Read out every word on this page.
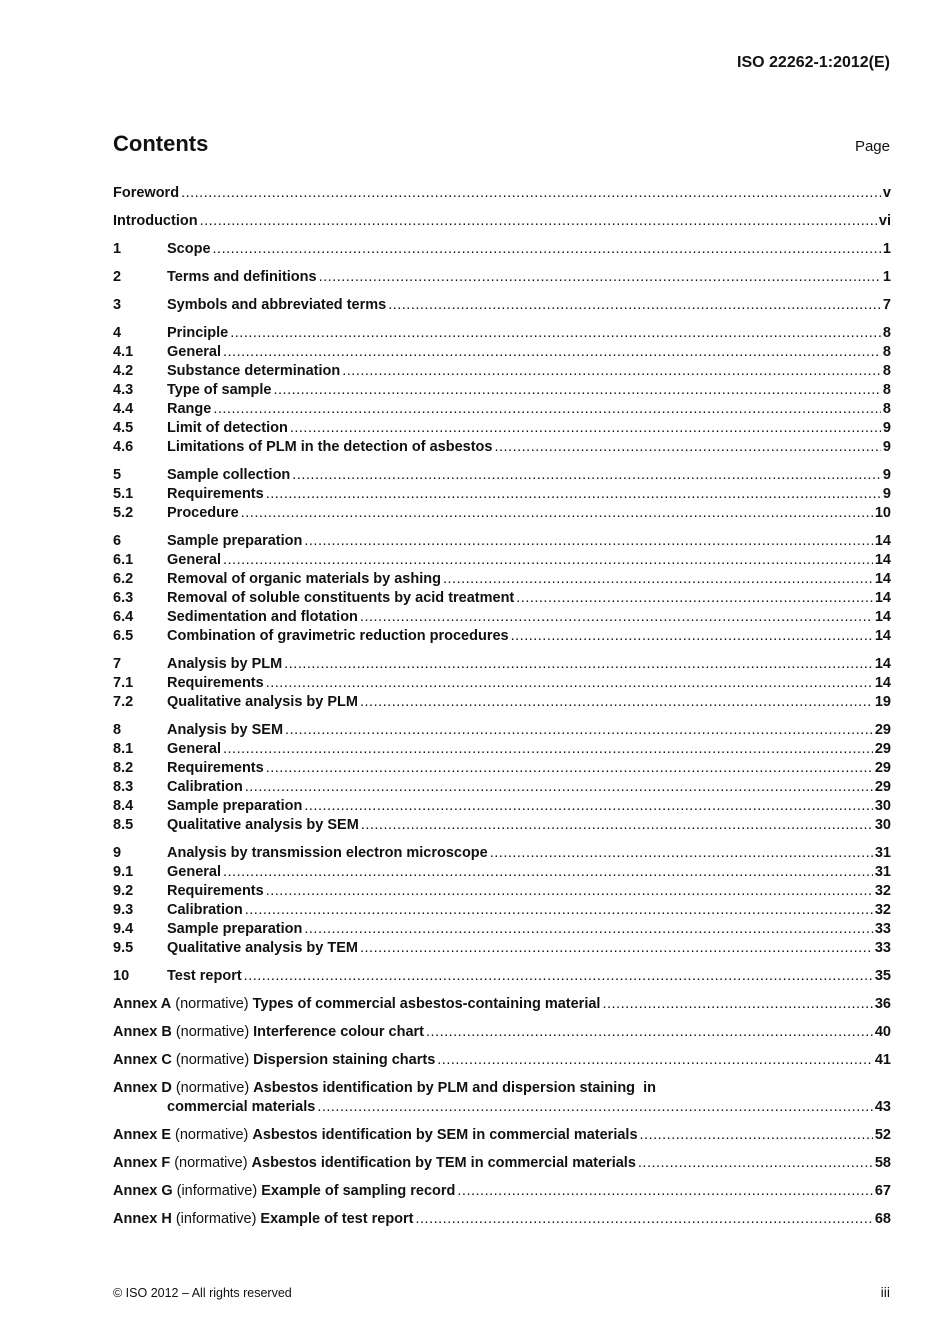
ISO 22262-1:2012(E)
Contents	Page
Foreword .....	v
Introduction .....	vi
1	Scope .....	1
2	Terms and definitions .....	1
3	Symbols and abbreviated terms .....	7
4	Principle .....	8
4.1	General .....	8
4.2	Substance determination .....	8
4.3	Type of sample .....	8
4.4	Range .....	8
4.5	Limit of detection .....	9
4.6	Limitations of PLM in the detection of asbestos .....	9
5	Sample collection .....	9
5.1	Requirements .....	9
5.2	Procedure .....	10
6	Sample preparation .....	14
6.1	General .....	14
6.2	Removal of organic materials by ashing .....	14
6.3	Removal of soluble constituents by acid treatment .....	14
6.4	Sedimentation and flotation .....	14
6.5	Combination of gravimetric reduction procedures .....	14
7	Analysis by PLM .....	14
7.1	Requirements .....	14
7.2	Qualitative analysis by PLM .....	19
8	Analysis by SEM .....	29
8.1	General .....	29
8.2	Requirements .....	29
8.3	Calibration .....	29
8.4	Sample preparation .....	30
8.5	Qualitative analysis by SEM .....	30
9	Analysis by transmission electron microscope .....	31
9.1	General .....	31
9.2	Requirements .....	32
9.3	Calibration .....	32
9.4	Sample preparation .....	33
9.5	Qualitative analysis by TEM .....	33
10	Test report .....	35
Annex A (normative) Types of commercial asbestos-containing material .....	36
Annex B (normative) Interference colour chart .....	40
Annex C (normative) Dispersion staining charts .....	41
Annex D (normative) Asbestos identification by PLM and dispersion staining  in
commercial materials .....	43
Annex E (normative) Asbestos identification by SEM in commercial materials .....	52
Annex F (normative) Asbestos identification by TEM in commercial materials .....	58
Annex G (informative) Example of sampling record .....	67
Annex H (informative) Example of test report .....	68
© ISO 2012 – All rights reserved	iii
